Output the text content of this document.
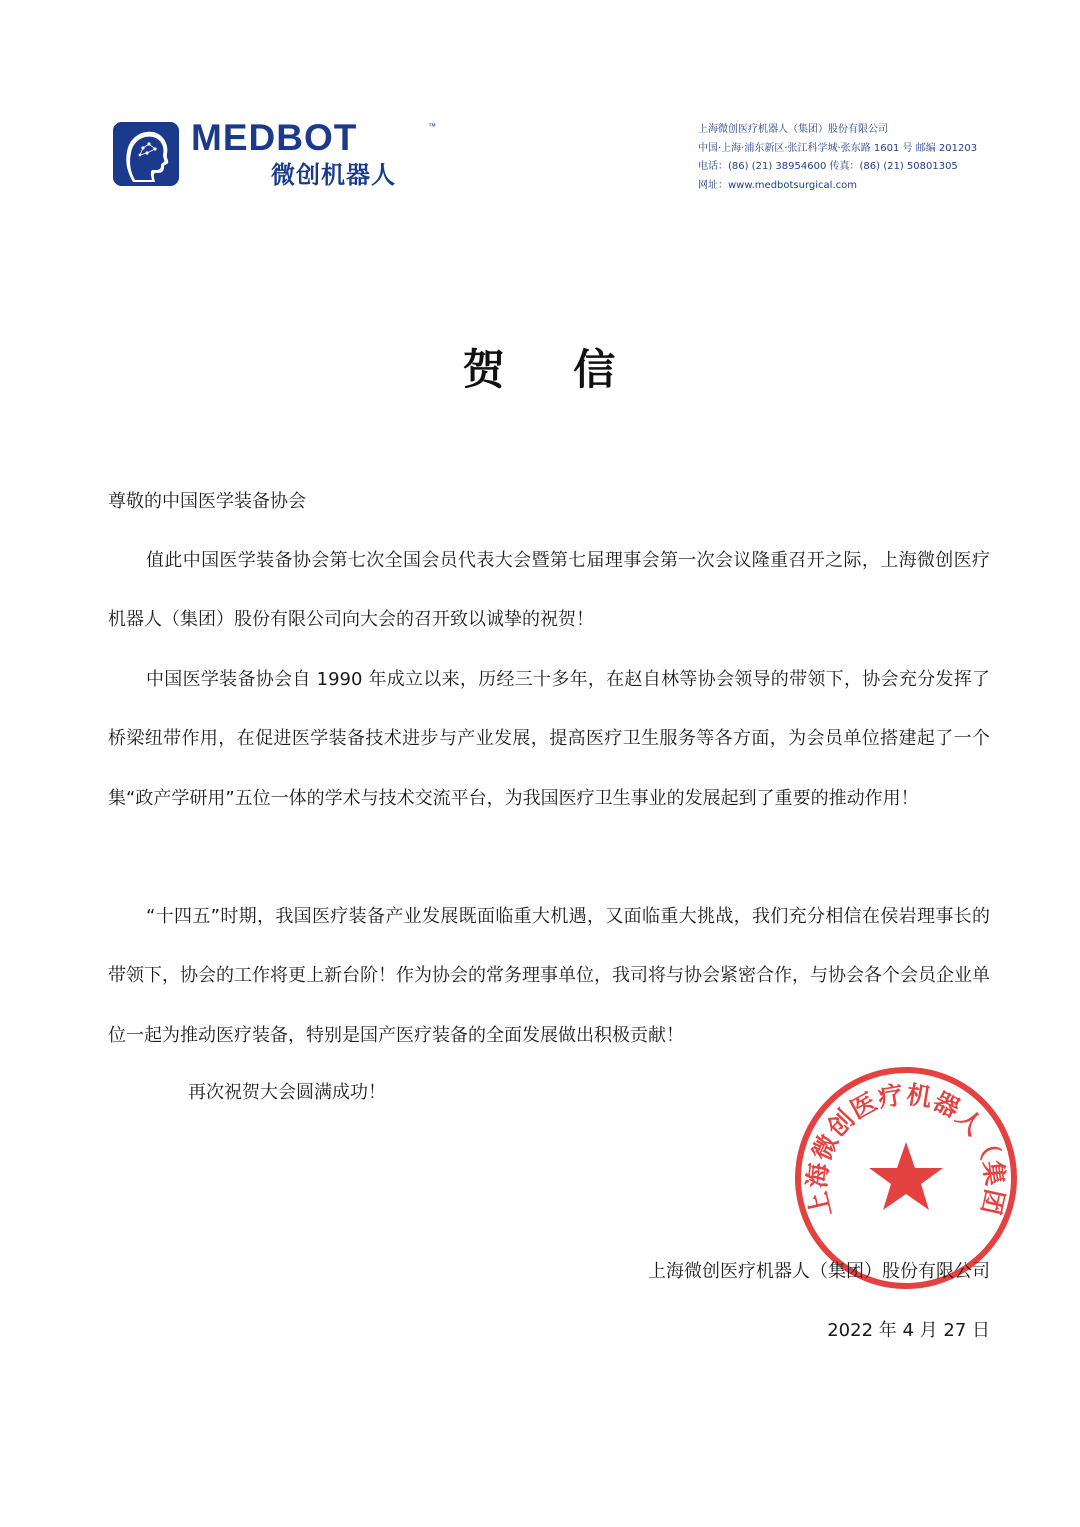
MEDBOT	™
微创机器人
上海微创医疗机器人（集团）股份有限公司
中国·上海·浦东新区·张江科学城·张东路 1601 号 邮编 201203
电话：(86) (21) 38954600 传真：(86) (21) 50801305
网址：www.medbotsurgical.com
贺    信
尊敬的中国医学装备协会

值此中国医学装备协会第七次全国会员代表大会暨第七届理事会第一次会议隆重召开之际，上海微创医疗机器人（集团）股份有限公司向大会的召开致以诚挚的祝贺！

中国医学装备协会自 1990 年成立以来，历经三十多年，在赵自林等协会领导的带领下，协会充分发挥了桥梁纽带作用，在促进医学装备技术进步与产业发展，提高医疗卫生服务等各方面，为会员单位搭建起了一个集“政产学研用”五位一体的学术与技术交流平台，为我国医疗卫生事业的发展起到了重要的推动作用！

“十四五”时期，我国医疗装备产业发展既面临重大机遇，又面临重大挑战，我们充分相信在侯岩理事长的带领下，协会的工作将更上新台阶！作为协会的常务理事单位，我司将与协会紧密合作，与协会各个会员企业单位一起为推动医疗装备，特别是国产医疗装备的全面发展做出积极贡献！

再次祝贺大会圆满成功！
上海微创医疗机器人（集团
上海微创医疗机器人（集团）股份有限公司
2022 年 4 月 27 日
